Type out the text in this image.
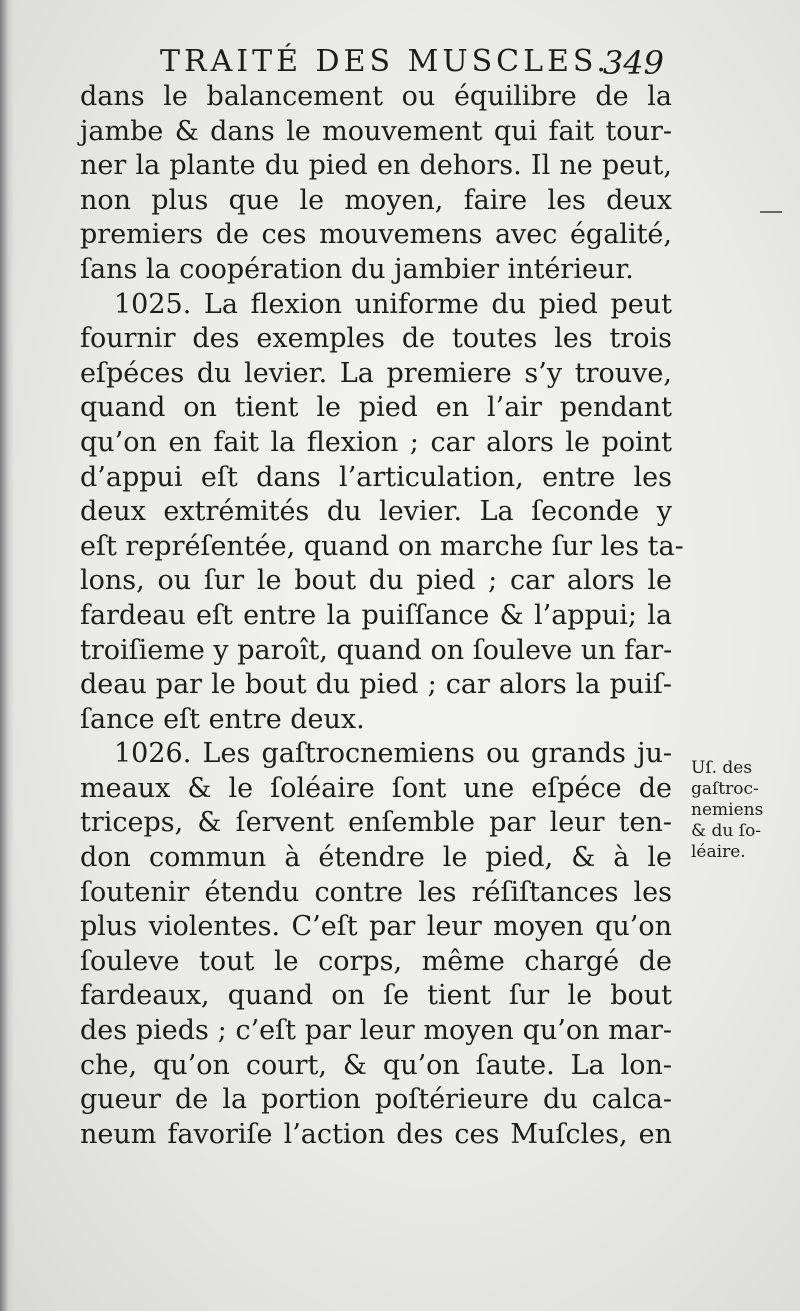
TRAITÉ DES MUSCLES.
349
dans le balancement ou équilibre de la
jambe & dans le mouvement qui fait tour-
ner la plante du pied en dehors. Il ne peut,
non plus que le moyen, faire les deux
premiers de ces mouvemens avec égalité,
ſans la coopération du jambier intérieur.
1025. La flexion uniforme du pied peut
fournir des exemples de toutes les trois
eſpéces du levier. La premiere s’y trouve,
quand on tient le pied en l’air pendant
qu’on en fait la flexion ; car alors le point
d’appui eſt dans l’articulation, entre les
deux extrémités du levier. La ſeconde y
eſt repréſentée, quand on marche ſur les ta-
lons, ou ſur le bout du pied ; car alors le
fardeau eſt entre la puiſſance & l’appui; la
troiſieme y paroît, quand on ſouleve un far-
deau par le bout du pied ; car alors la puiſ-
ſance eſt entre deux.
1026. Les gaſtrocnemiens ou grands ju-
meaux & le ſoléaire ſont une eſpéce de
triceps, & ſervent enſemble par leur ten-
don commun à étendre le pied, & à le
ſoutenir étendu contre les réſiſtances les
plus violentes. C’eſt par leur moyen qu’on
ſouleve tout le corps, même chargé de
fardeaux, quand on ſe tient ſur le bout
des pieds ; c’eſt par leur moyen qu’on mar-
che, qu’on court, & qu’on ſaute. La lon-
gueur de la portion poſtérieure du calca-
neum favoriſe l’action des ces Muſcles, en
Uſ. des
gaſtroc-
nemiens
& du ſo-
léaire.
